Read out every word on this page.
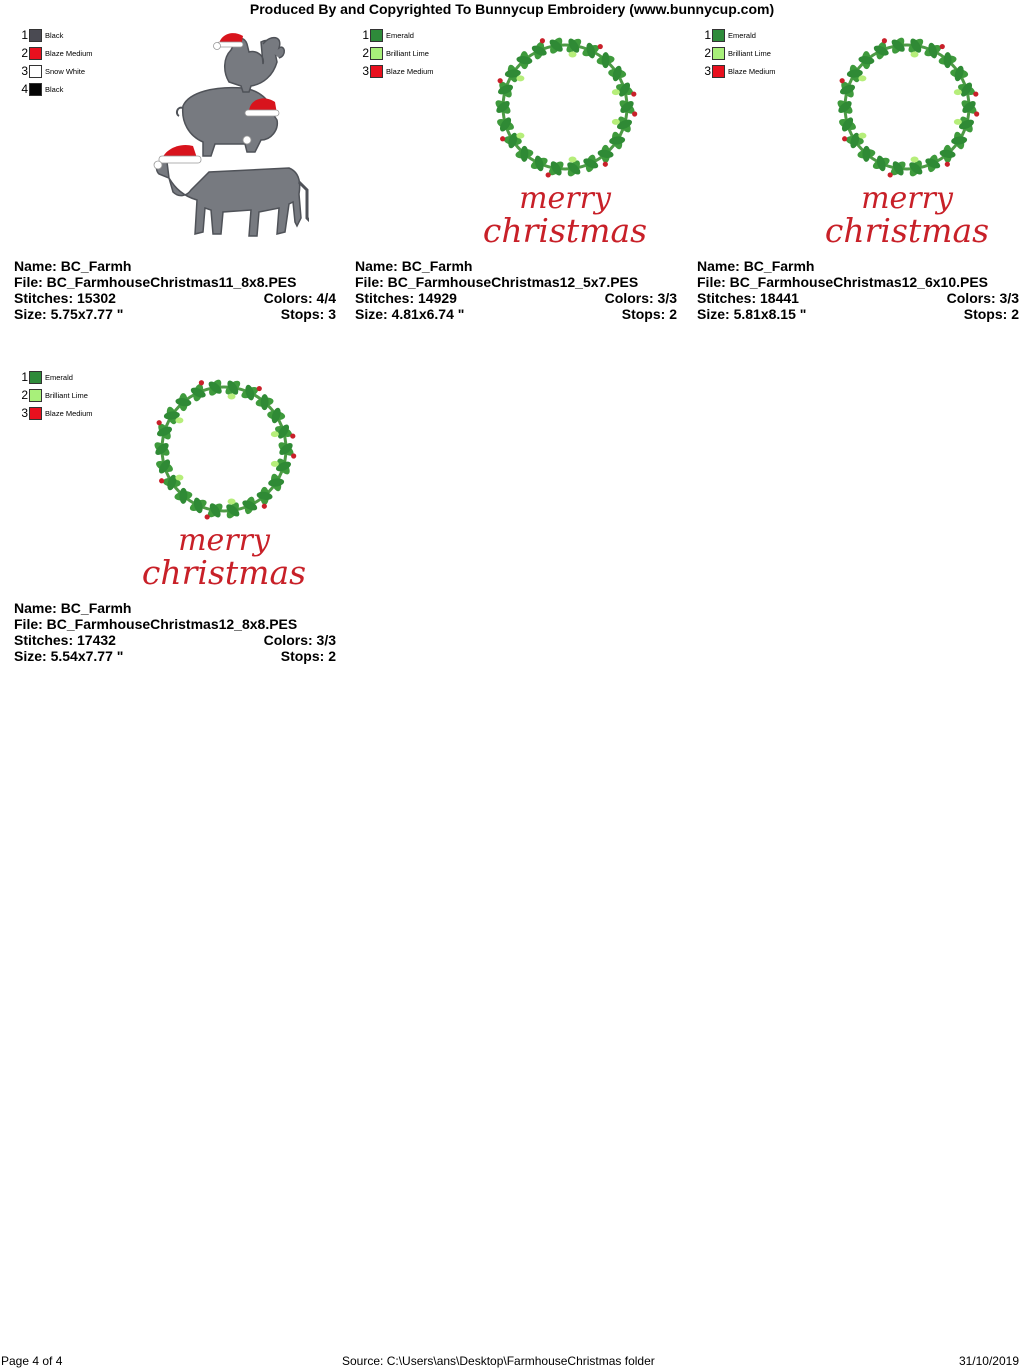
Produced By and Copyrighted To Bunnycup Embroidery (www.bunnycup.com)
1 Black
2 Blaze Medium
3 Snow White
4 Black
Name: BC_Farmh
File: BC_FarmhouseChristmas11_8x8.PES
Stitches: 15302	Colors: 4/4
Size: 5.75x7.77 "	Stops: 3
1 Emerald
2 Brilliant Lime
3 Blaze Medium
merry
christmas
Name: BC_Farmh
File: BC_FarmhouseChristmas12_5x7.PES
Stitches: 14929	Colors: 3/3
Size: 4.81x6.74 "	Stops: 2
1 Emerald
2 Brilliant Lime
3 Blaze Medium
merry
christmas
Name: BC_Farmh
File: BC_FarmhouseChristmas12_6x10.PES
Stitches: 18441	Colors: 3/3
Size: 5.81x8.15 "	Stops: 2
1 Emerald
2 Brilliant Lime
3 Blaze Medium
merry
christmas
Name: BC_Farmh
File: BC_FarmhouseChristmas12_8x8.PES
Stitches: 17432	Colors: 3/3
Size: 5.54x7.77 "	Stops: 2
Page 4 of 4	Source: C:\Users\ans\Desktop\FarmhouseChristmas folder	31/10/2019
